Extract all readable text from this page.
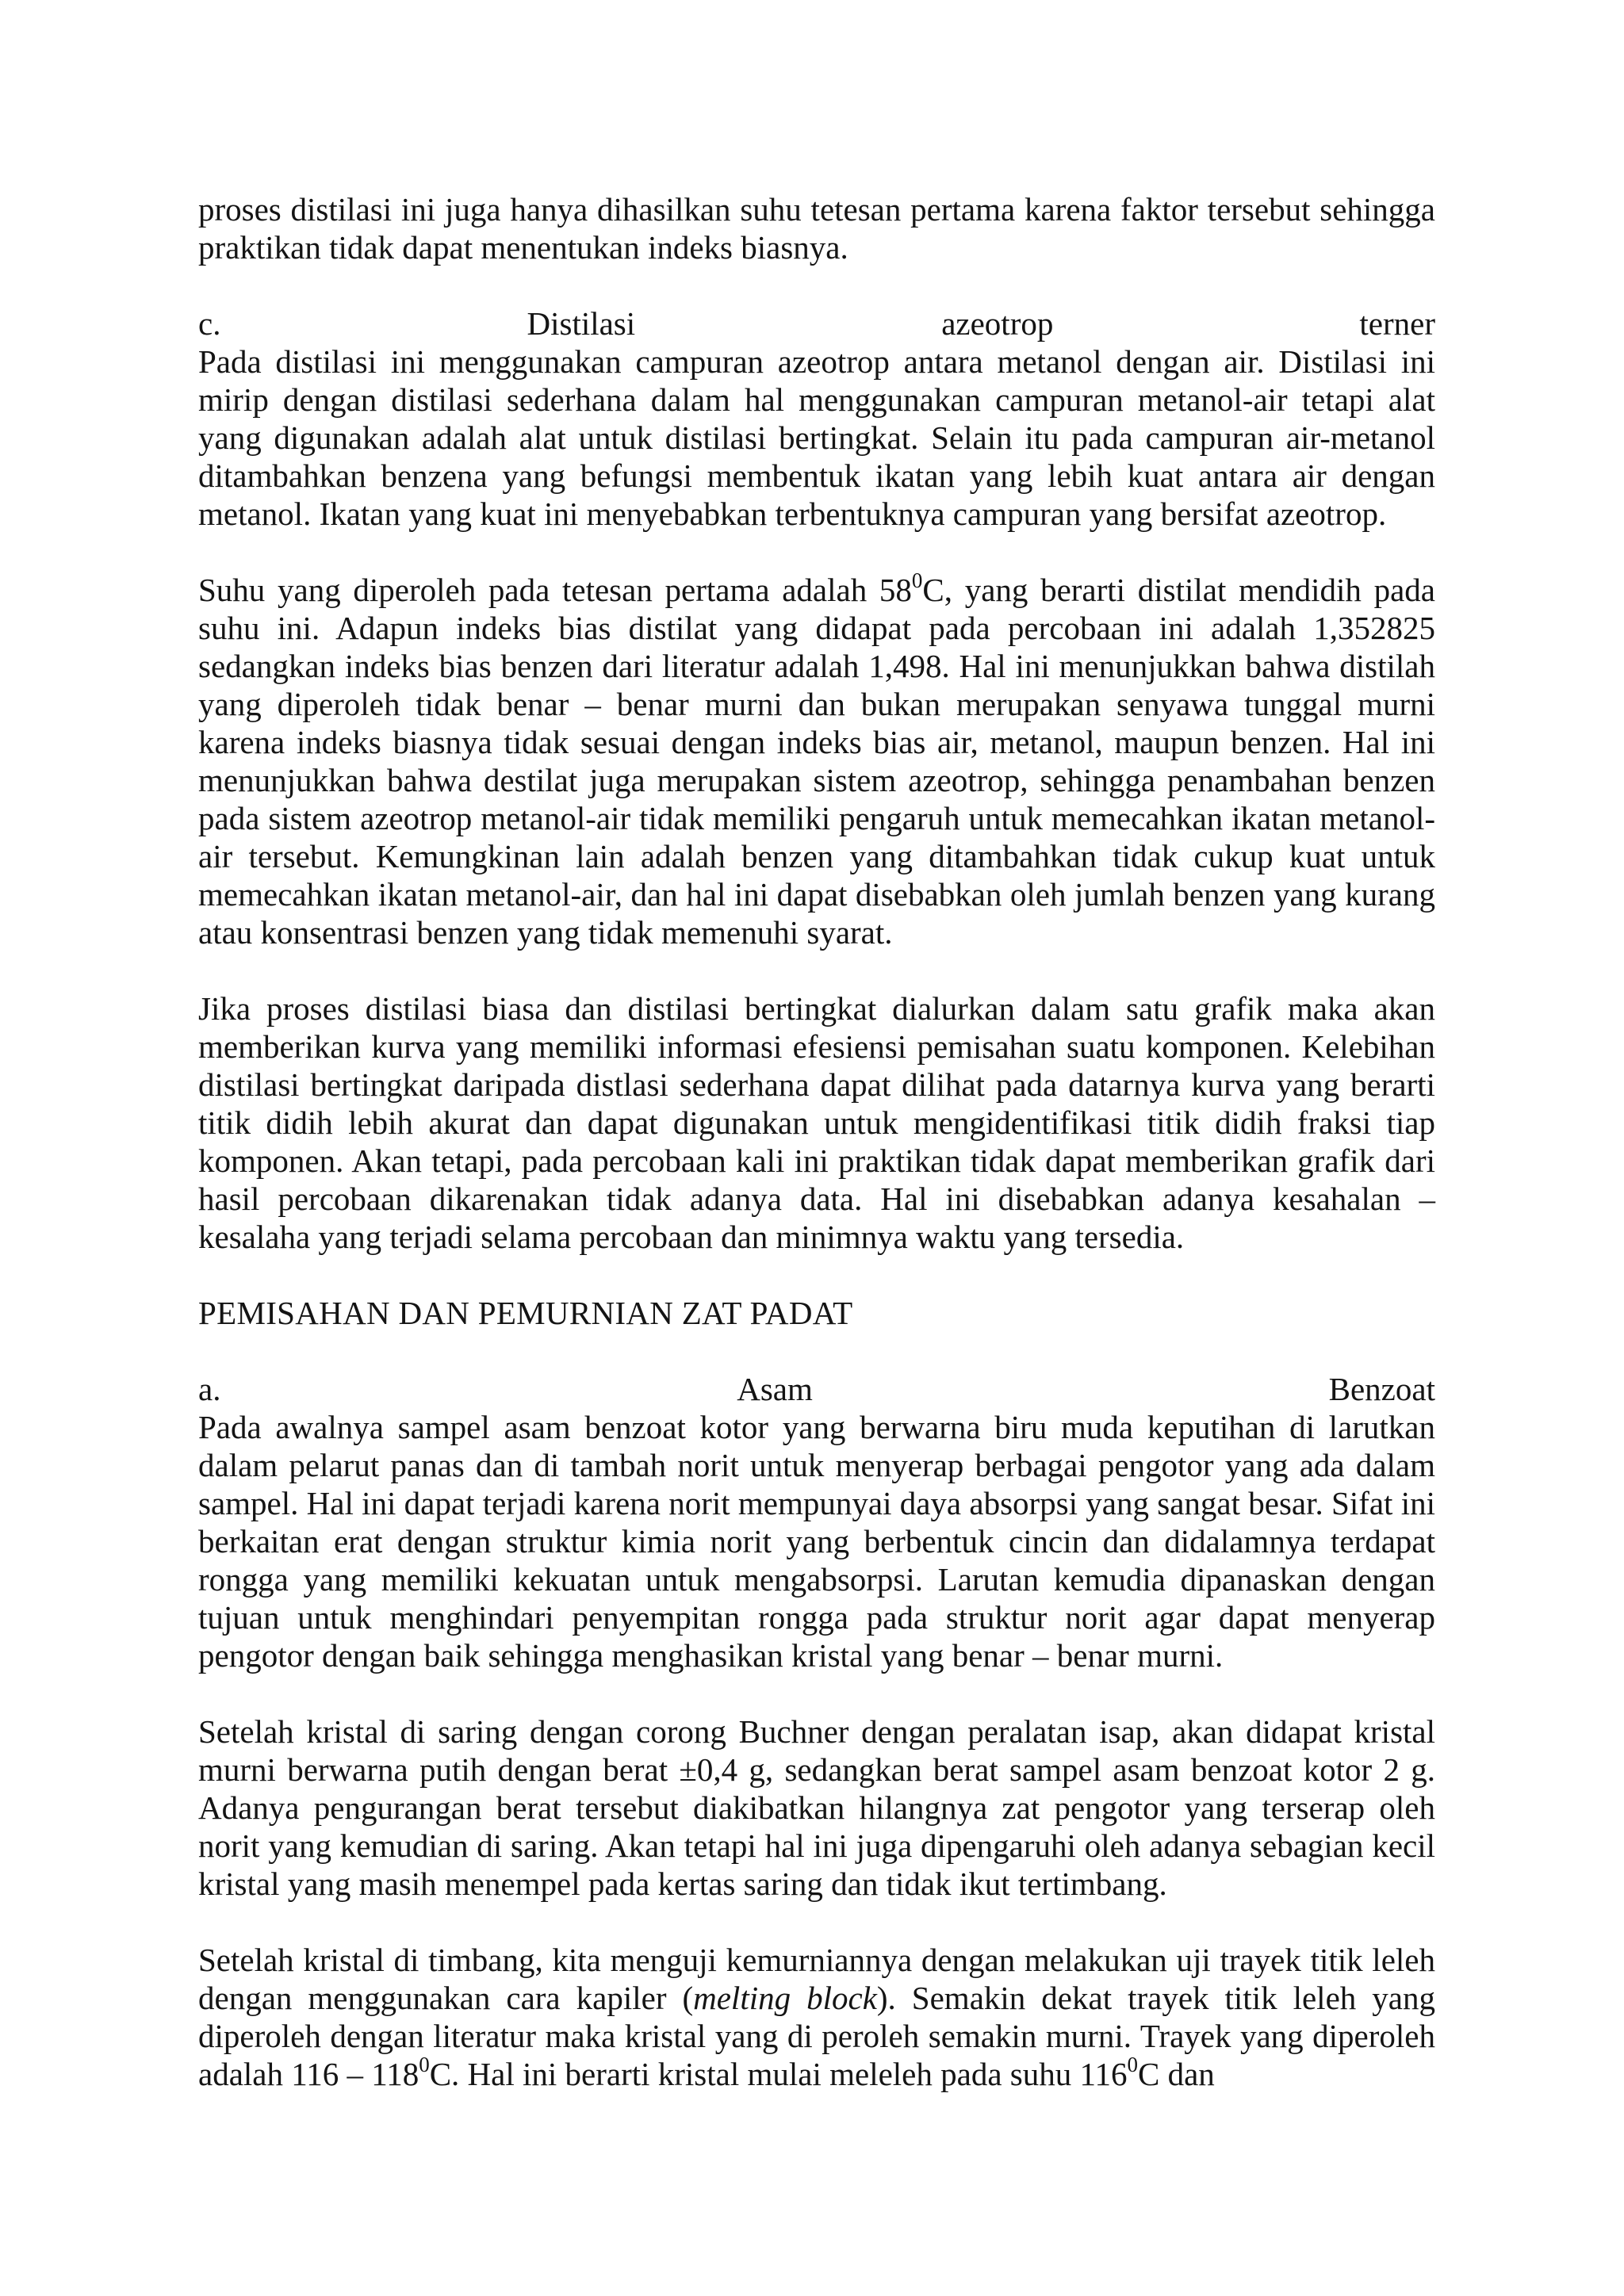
proses distilasi ini juga hanya dihasilkan suhu tetesan pertama karena faktor tersebut sehingga praktikan tidak dapat menentukan indeks biasnya.

c.	Distilasi	azeotrop	terner

Pada distilasi ini menggunakan campuran azeotrop antara metanol dengan air. Distilasi ini mirip dengan distilasi sederhana dalam hal menggunakan campuran metanol-air tetapi alat yang digunakan adalah alat untuk distilasi bertingkat. Selain itu pada campuran air-metanol ditambahkan benzena yang befungsi membentuk ikatan yang lebih kuat antara air dengan metanol. Ikatan yang kuat ini menyebabkan terbentuknya campuran yang bersifat azeotrop.

Suhu yang diperoleh pada tetesan pertama adalah $58^0C$, yang berarti distilat mendidih pada suhu ini. Adapun indeks bias distilat yang didapat pada percobaan ini adalah 1,352825 sedangkan indeks bias benzen dari literatur adalah 1,498. Hal ini menunjukkan bahwa distilah yang diperoleh tidak benar – benar murni dan bukan merupakan senyawa tunggal murni karena indeks biasnya tidak sesuai dengan indeks bias air, metanol, maupun benzen. Hal ini menunjukkan bahwa destilat juga merupakan sistem azeotrop, sehingga penambahan benzen pada sistem azeotrop metanol-air tidak memiliki pengaruh untuk memecahkan ikatan metanol-air tersebut. Kemungkinan lain adalah benzen yang ditambahkan tidak cukup kuat untuk memecahkan ikatan metanol-air, dan hal ini dapat disebabkan oleh jumlah benzen yang kurang atau konsentrasi benzen yang tidak memenuhi syarat.

Jika proses distilasi biasa dan distilasi bertingkat dialurkan dalam satu grafik maka akan memberikan kurva yang memiliki informasi efesiensi pemisahan suatu komponen. Kelebihan distilasi bertingkat daripada distlasi sederhana dapat dilihat pada datarnya kurva yang berarti titik didih lebih akurat dan dapat digunakan untuk mengidentifikasi titik didih fraksi tiap komponen. Akan tetapi, pada percobaan kali ini praktikan tidak dapat memberikan grafik dari hasil percobaan dikarenakan tidak adanya data. Hal ini disebabkan adanya kesahalan – kesalaha yang terjadi selama percobaan dan minimnya waktu yang tersedia.

PEMISAHAN DAN PEMURNIAN ZAT PADAT

a.	Asam	Benzoat

Pada awalnya sampel asam benzoat kotor yang berwarna biru muda keputihan di larutkan dalam pelarut panas dan di tambah norit untuk menyerap berbagai pengotor yang ada dalam sampel. Hal ini dapat terjadi karena norit mempunyai daya absorpsi yang sangat besar. Sifat ini berkaitan erat dengan struktur kimia norit yang berbentuk cincin dan didalamnya terdapat rongga yang memiliki kekuatan untuk mengabsorpsi. Larutan kemudia dipanaskan dengan tujuan untuk menghindari penyempitan rongga pada struktur norit agar dapat menyerap pengotor dengan baik sehingga menghasikan kristal yang benar – benar murni.

Setelah kristal di saring dengan corong Buchner dengan peralatan isap, akan didapat kristal murni berwarna putih dengan berat ±0,4 g, sedangkan berat sampel asam benzoat kotor 2 g. Adanya pengurangan berat tersebut diakibatkan hilangnya zat pengotor yang terserap oleh norit yang kemudian di saring. Akan tetapi hal ini juga dipengaruhi oleh adanya sebagian kecil kristal yang masih menempel pada kertas saring dan tidak ikut tertimbang.

Setelah kristal di timbang, kita menguji kemurniannya dengan melakukan uji trayek titik leleh dengan menggunakan cara kapiler (melting block). Semakin dekat trayek titik leleh yang diperoleh dengan literatur maka kristal yang di peroleh semakin murni. Trayek yang diperoleh adalah $116 - 118^0C$. Hal ini berarti kristal mulai meleleh pada suhu $116^0C$ dan
